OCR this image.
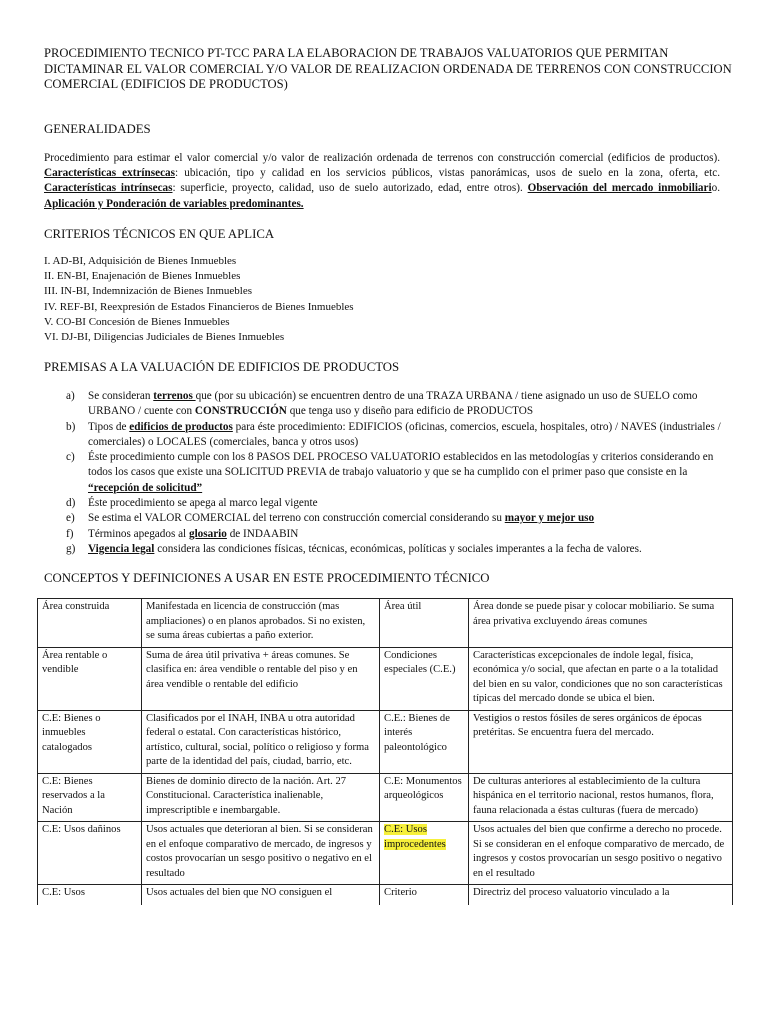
PROCEDIMIENTO TECNICO PT-TCC PARA LA ELABORACION DE TRABAJOS VALUATORIOS QUE PERMITAN DICTAMINAR EL VALOR COMERCIAL Y/O VALOR DE REALIZACION ORDENADA DE TERRENOS CON CONSTRUCCION COMERCIAL (EDIFICIOS DE PRODUCTOS)
GENERALIDADES

Procedimiento para estimar el valor comercial y/o valor de realización ordenada de terrenos con construcción comercial (edificios de productos). Características extrínsecas: ubicación, tipo y calidad en los servicios públicos, vistas panorámicas, usos de suelo en la zona, oferta, etc. Características intrínsecas: superficie, proyecto, calidad, uso de suelo autorizado, edad, entre otros). Observación del mercado inmobiliario. Aplicación y Ponderación de variables predominantes.

CRITERIOS TÉCNICOS EN QUE APLICA
I. AD-BI, Adquisición de Bienes Inmuebles
II. EN-BI, Enajenación de Bienes Inmuebles
III. IN-BI, Indemnización de Bienes Inmuebles
IV. REF-BI, Reexpresión de Estados Financieros de Bienes Inmuebles
V. CO-BI Concesión de Bienes Inmuebles
VI. DJ-BI, Diligencias Judiciales de Bienes Inmuebles
PREMISAS A LA VALUACIÓN DE EDIFICIOS DE PRODUCTOS
a) Se consideran terrenos que (por su ubicación) se encuentren dentro de una TRAZA URBANA / tiene asignado un uso de SUELO como URBANO / cuente con CONSTRUCCIÓN que tenga uso y diseño para edificio de PRODUCTOS
b) Tipos de edificios de productos para éste procedimiento: EDIFICIOS (oficinas, comercios, escuela, hospitales, otro) / NAVES (industriales / comerciales) o LOCALES (comerciales, banca y otros usos)
c) Éste procedimiento cumple con los 8 PASOS DEL PROCESO VALUATORIO establecidos en las metodologías y criterios considerando en todos los casos que existe una SOLICITUD PREVIA de trabajo valuatorio y que se ha cumplido con el primer paso que consiste en la “recepción de solicitud”
d) Éste procedimiento se apega al marco legal vigente
e) Se estima el VALOR COMERCIAL del terreno con construcción comercial considerando su mayor y mejor uso
f) Términos apegados al glosario de INDAABIN
g) Vigencia legal considera las condiciones físicas, técnicas, económicas, políticas y sociales imperantes a la fecha de valores.
CONCEPTOS Y DEFINICIONES A USAR EN ESTE PROCEDIMIENTO TÉCNICO
Área construida	Manifestada en licencia de construcción (mas ampliaciones) o en planos aprobados. Si no existen, se suma áreas cubiertas a paño exterior.	Área útil	Área donde se puede pisar y colocar mobiliario. Se suma área privativa excluyendo áreas comunes
Área rentable o vendible	Suma de área útil privativa + áreas comunes. Se clasifica en: área vendible o rentable del piso y en área vendible o rentable del edificio	Condiciones especiales (C.E.)	Características excepcionales de índole legal, física, económica y/o social, que afectan en parte o a la totalidad del bien en su valor, condiciones que no son características típicas del mercado donde se ubica el bien.
C.E: Bienes o inmuebles catalogados	Clasificados por el INAH, INBA u otra autoridad federal o estatal. Con características histórico, artístico, cultural, social, político o religioso y forma parte de la identidad del país, ciudad, barrio, etc.	C.E.: Bienes de interés paleontológico	Vestigios o restos fósiles de seres orgánicos de épocas pretéritas. Se encuentra fuera del mercado.
C.E: Bienes reservados a la Nación	Bienes de dominio directo de la nación. Art. 27 Constitucional. Característica inalienable, imprescriptible e inembargable.	C.E: Monumentos arqueológicos	De culturas anteriores al establecimiento de la cultura hispánica en el territorio nacional, restos humanos, flora, fauna relacionada a éstas culturas (fuera de mercado)
C.E: Usos dañinos	Usos actuales que deterioran al bien. Si se consideran en el enfoque comparativo de mercado, de ingresos y costos provocarían un sesgo positivo o negativo en el resultado	C.E: Usos improcedentes	Usos actuales del bien que confirme a derecho no procede. Si se consideran en el enfoque comparativo de mercado, de ingresos y costos provocarían un sesgo positivo o negativo en el resultado
C.E: Usos	Usos actuales del bien que NO consiguen el	Criterio	Directriz del proceso valuatorio vinculado a la
